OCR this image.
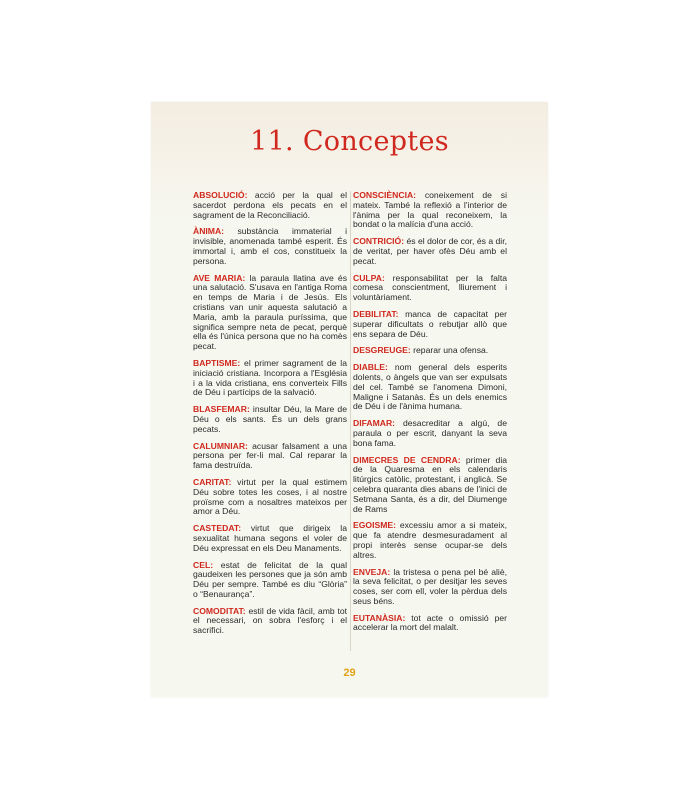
11. Conceptes

ABSOLUCIÓ: acció per la qual el sacerdot perdona els pecats en el sagrament de la Reconciliació.

ÀNIMA: substància immaterial i invisible, anomenada també esperit. És immortal i, amb el cos, constitueix la persona.

AVE MARIA: la paraula llatina ave és una salutació. S'usava en l'antiga Roma en temps de Maria i de Jesús. Els cristians van unir aquesta salutació a Maria, amb la paraula puríssima, que significa sempre neta de pecat, perquè ella és l'única persona que no ha comès pecat.

BAPTISME: el primer sagrament de la iniciació cristiana. Incorpora a l'Església i a la vida cristiana, ens converteix Fills de Déu i partícips de la salvació.

BLASFEMAR: insultar Déu, la Mare de Déu o els sants. És un dels grans pecats.

CALUMNIAR: acusar falsament a una persona per fer-li mal. Cal reparar la fama destruïda.

CARITAT: virtut per la qual estimem Déu sobre totes les coses, i al nostre proïsme com a nosaltres mateixos per amor a Déu.

CASTEDAT: virtut que dirigeix la sexualitat humana segons el voler de Déu expressat en els Deu Manaments.

CEL: estat de felicitat de la qual gaudeixen les persones que ja són amb Déu per sempre. També es diu “Glòria” o “Benaurança”.

COMODITAT: estil de vida fàcil, amb tot el necessari, on sobra l'esforç i el sacrifici.

CONSCIÈNCIA: coneixement de si mateix. També la reflexió a l'interior de l'ànima per la qual reconeixem, la bondat o la malícia d'una acció.

CONTRICIÓ: és el dolor de cor, és a dir, de veritat, per haver ofès Déu amb el pecat.

CULPA: responsabilitat per la falta comesa conscientment, lliurement i voluntàriament.

DEBILITAT: manca de capacitat per superar dificultats o rebutjar allò que ens separa de Déu.

DESGREUGE: reparar una ofensa.

DIABLE: nom general dels esperits dolents, o àngels que van ser expulsats del cel. També se l'anomena Dimoni, Maligne i Satanàs. És un dels enemics de Déu i de l'ànima humana.

DIFAMAR: desacreditar a algú, de paraula o per escrit, danyant la seva bona fama.

DIMECRES DE CENDRA: primer dia de la Quaresma en els calendaris litúrgics catòlic, protestant, i anglicà. Se celebra quaranta dies abans de l'inici de Setmana Santa, és a dir, del Diumenge de Rams

EGOISME: excessiu amor a si mateix, que fa atendre desmesuradament al propi interès sense ocupar-se dels altres.

ENVEJA: la tristesa o pena pel bé aliè, la seva felicitat, o per desitjar les seves coses, ser com ell, voler la pèrdua dels seus béns.

EUTANÀSIA: tot acte o omissió per accelerar la mort del malalt.

29
